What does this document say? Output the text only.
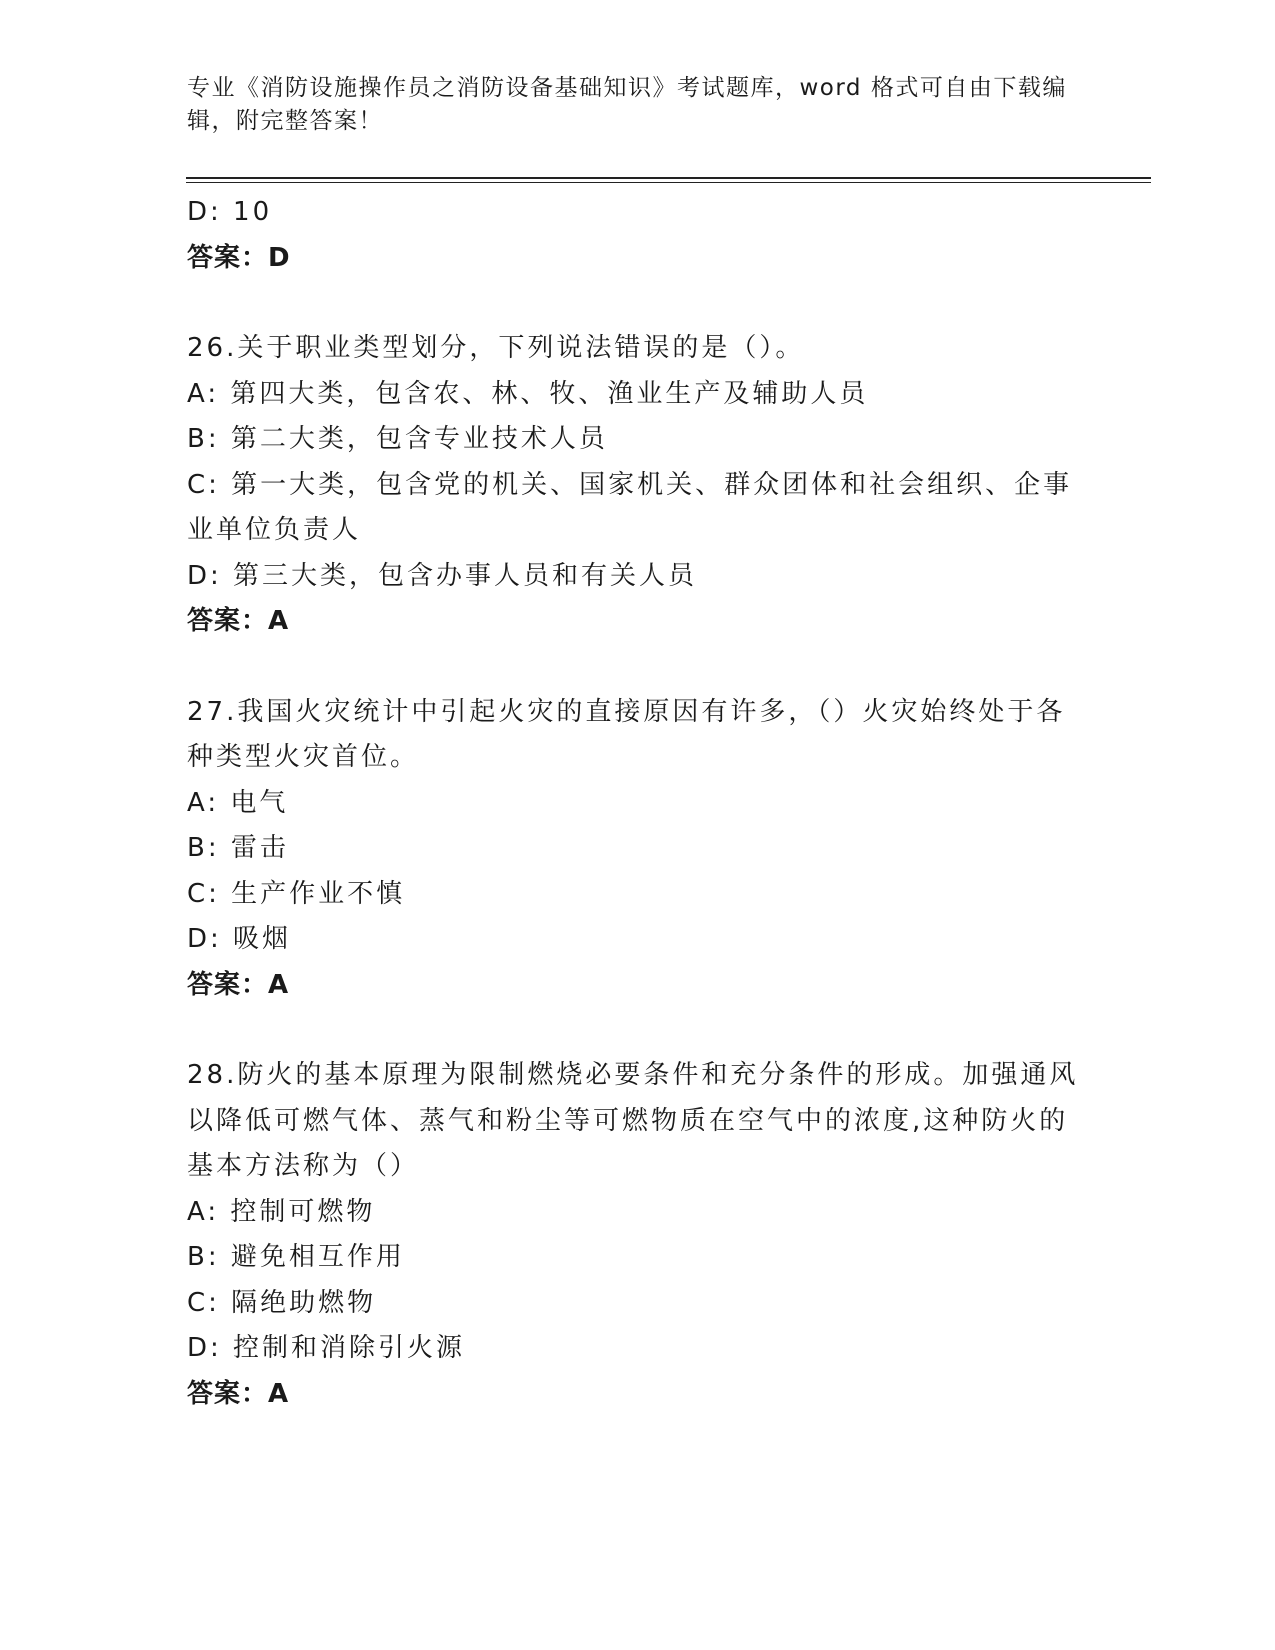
专业《消防设施操作员之消防设备基础知识》考试题库，word 格式可自由下载编辑，附完整答案！
D: 10
答案：D
26.关于职业类型划分，下列说法错误的是（）。
A: 第四大类，包含农、林、牧、渔业生产及辅助人员
B: 第二大类，包含专业技术人员
C: 第一大类，包含党的机关、国家机关、群众团体和社会组织、企事业单位负责人
D: 第三大类，包含办事人员和有关人员
答案：A
27.我国火灾统计中引起火灾的直接原因有许多，（）火灾始终处于各种类型火灾首位。
A: 电气
B: 雷击
C: 生产作业不慎
D: 吸烟
答案：A
28.防火的基本原理为限制燃烧必要条件和充分条件的形成。加强通风以降低可燃气体、蒸气和粉尘等可燃物质在空气中的浓度,这种防火的基本方法称为（）
A: 控制可燃物
B: 避免相互作用
C: 隔绝助燃物
D: 控制和消除引火源
答案：A
